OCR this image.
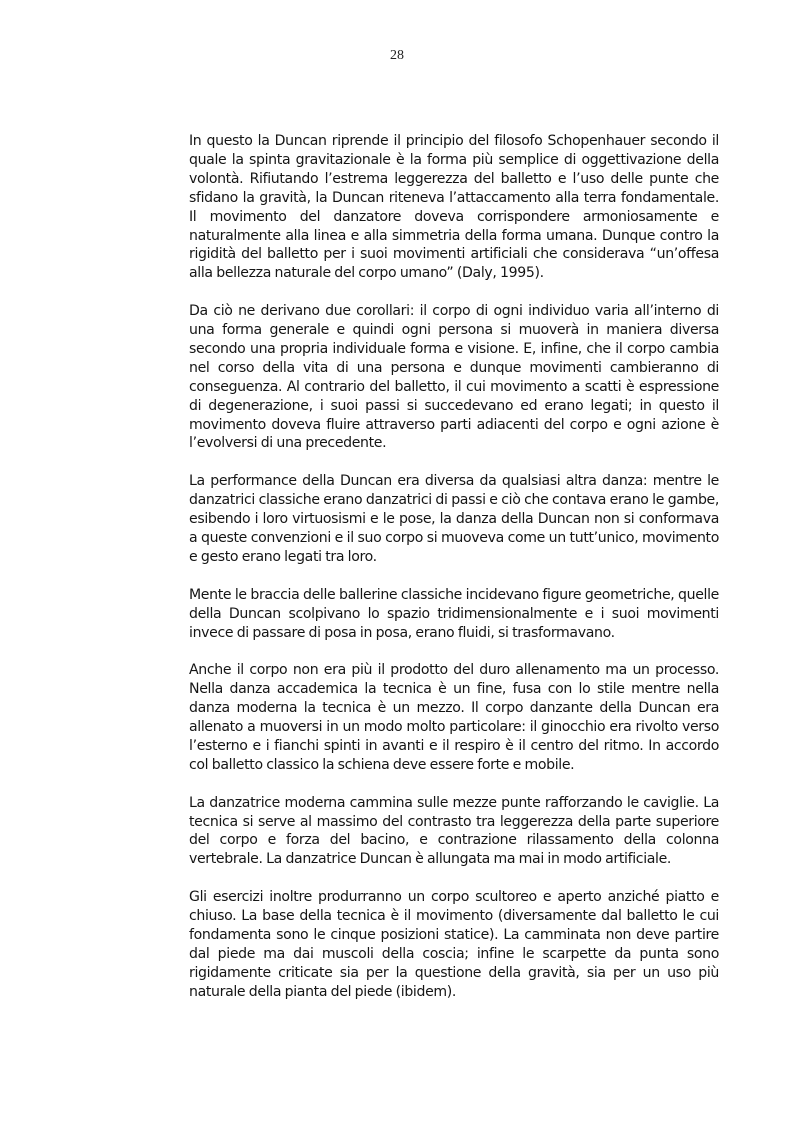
28

In questo la Duncan riprende il principio del filosofo Schopenhauer secondo il quale la spinta gravitazionale è la forma più semplice di oggettivazione della volontà. Rifiutando l’estrema leggerezza del balletto e l’uso delle punte che sfidano la gravità, la Duncan riteneva l’attaccamento alla terra fondamentale. Il movimento del danzatore doveva corrispondere armoniosamente e naturalmente alla linea e alla simmetria della forma umana. Dunque contro la rigidità del balletto per i suoi movimenti artificiali che considerava “un’offesa alla bellezza naturale del corpo umano” (Daly, 1995).

Da ciò ne derivano due corollari: il corpo di ogni individuo varia all’interno di una forma generale e quindi ogni persona si muoverà in maniera diversa secondo una propria individuale forma e visione. E, infine, che il corpo cambia nel corso della vita di una persona e dunque movimenti cambieranno di conseguenza. Al contrario del balletto, il cui movimento a scatti è espressione di degenerazione, i suoi passi si succedevano ed erano legati; in questo il movimento doveva fluire attraverso parti adiacenti del corpo e ogni azione è l’evolversi di una precedente.

La performance della Duncan era diversa da qualsiasi altra danza: mentre le danzatrici classiche erano danzatrici di passi e ciò che contava erano le gambe, esibendo i loro virtuosismi e le pose, la danza della Duncan non si conformava a queste convenzioni e il suo corpo si muoveva come un tutt’unico, movimento e gesto erano legati tra loro.

Mente le braccia delle ballerine classiche incidevano figure geometriche, quelle della Duncan scolpivano lo spazio tridimensionalmente e i suoi movimenti invece di passare di posa in posa, erano fluidi, si trasformavano.

Anche il corpo non era più il prodotto del duro allenamento ma un processo. Nella danza accademica la tecnica è un fine, fusa con lo stile mentre nella danza moderna la tecnica è un mezzo. Il corpo danzante della Duncan era allenato a muoversi in un modo molto particolare: il ginocchio era rivolto verso l’esterno e i fianchi spinti in avanti e il respiro è il centro del ritmo. In accordo col balletto classico la schiena deve essere forte e mobile.

La danzatrice moderna cammina sulle mezze punte rafforzando le caviglie. La tecnica si serve al massimo del contrasto tra leggerezza della parte superiore del corpo e forza del bacino, e contrazione rilassamento della colonna vertebrale. La danzatrice Duncan è allungata ma mai in modo artificiale.

Gli esercizi inoltre produrranno un corpo scultoreo e aperto anziché piatto e chiuso. La base della tecnica è il movimento (diversamente dal balletto le cui fondamenta sono le cinque posizioni statice). La camminata non deve partire dal piede ma dai muscoli della coscia; infine le scarpette da punta sono rigidamente criticate sia per la questione della gravità, sia per un uso più naturale della pianta del piede (ibidem).
